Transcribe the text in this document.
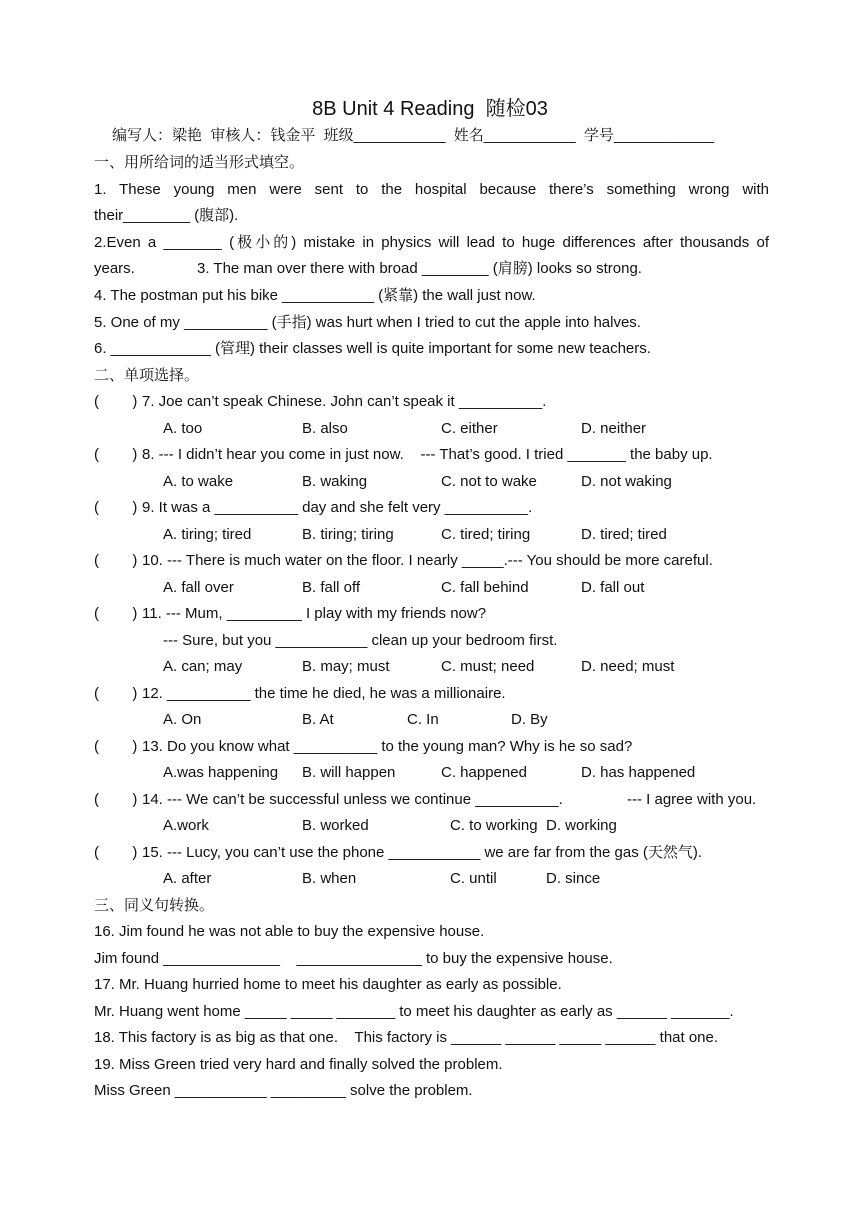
8B Unit 4 Reading  随检03
编写人：梁艳  审核人：钱金平  班级___________  姓名___________  学号____________
一、用所给词的适当形式填空。
1. These young men were sent to the hospital because there’s something wrong with
their________ (腹部).
2.Even a _______ (极小的) mistake in physics will lead to huge differences after thousands of
years.	3. The man over there with broad ________ (肩膀) looks so strong.
4. The postman put his bike ___________ (紧靠) the wall just now.
5. One of my __________ (手指) was hurt when I tried to cut the apple into halves.
6. ____________ (管理) their classes well is quite important for some new teachers.
二、单项选择。
(        ) 7. Joe can’t speak Chinese. John can’t speak it __________.
A. too	B. also	C. either	D. neither
(        ) 8. --- I didn’t hear you come in just now.    --- That’s good. I tried _______ the baby up.
A. to wake	B. waking	C. not to wake	D. not waking
(        ) 9. It was a __________ day and she felt very __________.
A. tiring; tired	B. tiring; tiring	C. tired; tiring	D. tired; tired
(        ) 10. --- There is much water on the floor. I nearly _____.--- You should be more careful.
A. fall over	B. fall off	C. fall behind	D. fall out
(        ) 11. --- Mum, _________ I play with my friends now?
--- Sure, but you ___________ clean up your bedroom first.
A. can; may	B. may; must	C. must; need	D. need; must
(        ) 12. __________ the time he died, he was a millionaire.
A. On	B. At	C. In	D. By
(        ) 13. Do you know what __________ to the young man? Why is he so sad?
A.was happening B. will happen	C. happened	D. has happened
(        ) 14. --- We can’t be successful unless we continue __________.	--- I agree with you.
A.work	B. worked	C. to working D. working
(        ) 15. --- Lucy, you can’t use the phone ___________ we are far from the gas (天然气).
A. after	B. when	C. until	D. since
三、同义句转换。
16. Jim found he was not able to buy the expensive house.
Jim found ______________    _______________ to buy the expensive house.
17. Mr. Huang hurried home to meet his daughter as early as possible.
Mr. Huang went home _____ _____ _______ to meet his daughter as early as ______ _______.
18. This factory is as big as that one.    This factory is ______ ______ _____ ______ that one.
19. Miss Green tried very hard and finally solved the problem.
Miss Green ___________ _________ solve the problem.
